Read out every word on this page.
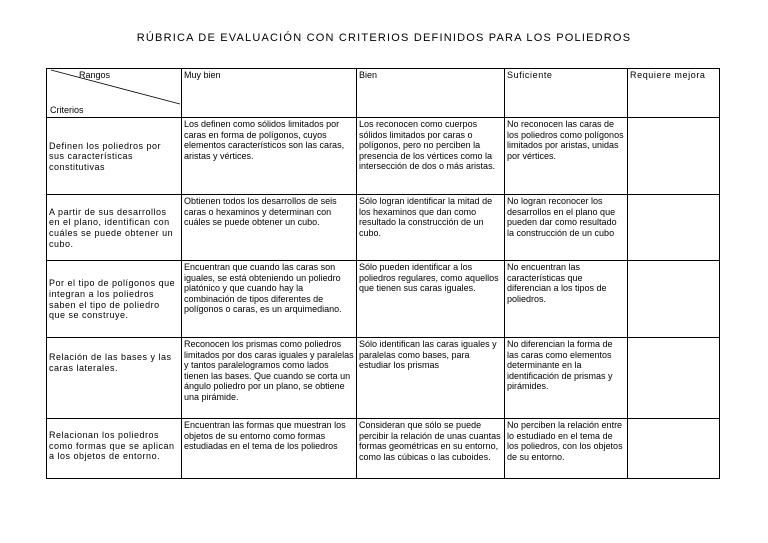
RÚBRICA DE EVALUACIÓN CON CRITERIOS DEFINIDOS PARA LOS POLIEDROS
Rangos
Criterios	Muy bien	Bien	Suficiente	Requiere mejora
Definen los poliedros por sus características constitutivas	Los definen como sólidos limitados por caras en forma de polígonos, cuyos elementos característicos son las caras, aristas y vértices.	Los reconocen como cuerpos sólidos limitados por caras o polígonos, pero no perciben la presencia de los vértices como la intersección de dos o más aristas.	No reconocen las caras de los poliedros como polígonos limitados por aristas, unidas por vértices.	
A partir de sus desarrollos en el plano, identifican con cuáles se puede obtener un cubo.	Obtienen todos los desarrollos de seis caras o hexaminos y determinan con cuáles se puede obtener un cubo.	Sólo logran identificar la mitad de los hexaminos que dan como resultado la construcción de un cubo.	No logran reconocer los desarrollos en el plano que pueden dar como resultado la construcción de un cubo	
Por el tipo de polígonos que integran a los poliedros saben el tipo de poliedro que se construye.	Encuentran que cuando las caras son iguales, se está obteniendo un poliedro platónico y que cuando hay la combinación de tipos diferentes de polígonos o caras, es un arquimediano.	Sólo pueden identificar a los poliedros regulares, como aquellos que tienen sus caras iguales.	No encuentran las características que diferencian a los tipos de poliedros.	
Relación de las bases y las caras laterales.	Reconocen los prismas como poliedros limitados por dos caras iguales y paralelas y tantos paralelogramos como lados tienen las bases. Que cuando se corta un ángulo poliedro por un plano, se obtiene una pirámide.	Sólo identifican las caras iguales y paralelas como bases, para estudiar los prismas	No diferencian la forma de las caras como elementos determinante en la identificación de prismas y pirámides.	
Relacionan los poliedros como formas que se aplican a los objetos de entorno.	Encuentran las formas que muestran los objetos de su entorno como formas estudiadas en el tema de los poliedros	Consideran que sólo se puede percibir la relación de unas cuantas formas geométricas en su entorno, como las cúbicas o las cuboides.	No perciben la relación entre lo estudiado en el tema de los poliedros, con los objetos de su entorno.	
